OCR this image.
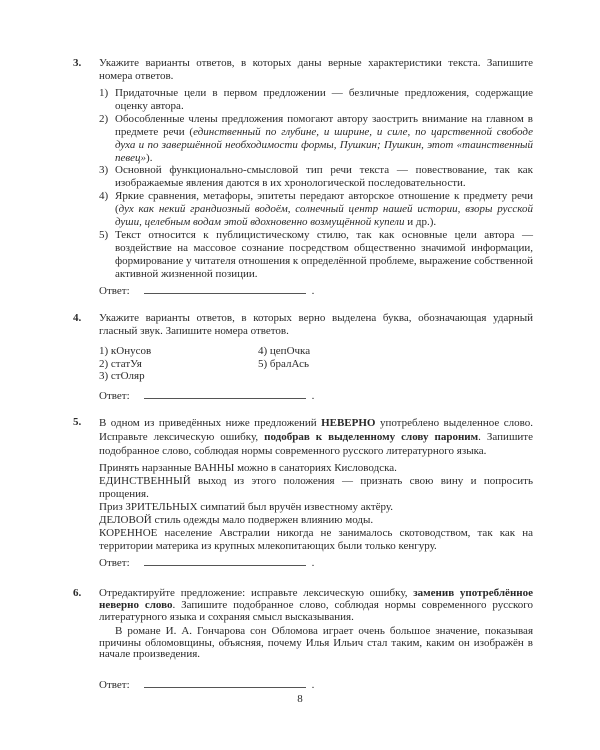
3. Укажите варианты ответов, в которых даны верные характеристики текста. Запишите номера ответов.
1) Придаточные цели в первом предложении — безличные предложения, содержащие оценку автора.
2) Обособленные члены предложения помогают автору заострить внимание на главном в предмете речи (единственный по глубине, и ширине, и силе, по царственной свободе духа и по завершённой необходимости формы, Пушкин; Пушкин, этот «таинственный певец»).
3) Основной функционально-смысловой тип речи текста — повествование, так как изображаемые явления даются в их хронологической последовательности.
4) Яркие сравнения, метафоры, эпитеты передают авторское отношение к предмету речи (дух как некий грандиозный водоём, солнечный центр нашей истории, взоры русской души, целебным водам этой вдохновенно возмущённой купели и др.).
5) Текст относится к публицистическому стилю, так как основные цели автора — воздействие на массовое сознание посредством общественно значимой информации, формирование у читателя отношения к определённой проблеме, выражение собственной активной жизненной позиции.
Ответ:	.
4. Укажите варианты ответов, в которых верно выделена буква, обозначающая ударный гласный звук. Запишите номера ответов.
1) кОнусов
2) статУя
3) стОляр
4) цепОчка
5) бралАсь
Ответ:	.
5. В одном из приведённых ниже предложений НЕВЕРНО употреблено выделенное слово. Исправьте лексическую ошибку, подобрав к выделенному слову пароним. Запишите подобранное слово, соблюдая нормы современного русского литературного языка.
Принять нарзанные ВАННЫ можно в санаториях Кисловодска.
ЕДИНСТВЕННЫЙ выход из этого положения — признать свою вину и попросить прощения.
Приз ЗРИТЕЛЬНЫХ симпатий был вручён известному актёру.
ДЕЛОВОЙ стиль одежды мало подвержен влиянию моды.
КОРЕННОЕ население Австралии никогда не занималось скотоводством, так как на территории материка из крупных млекопитающих были только кенгуру.
Ответ:	.
6. Отредактируйте предложение: исправьте лексическую ошибку, заменив употреблённое неверно слово. Запишите подобранное слово, соблюдая нормы современного русского литературного языка и сохраняя смысл высказывания.
В романе И. А. Гончарова сон Обломова играет очень большое значение, показывая причины обломовщины, объясняя, почему Илья Ильич стал таким, каким он изображён в начале произведения.
Ответ:	.
8
